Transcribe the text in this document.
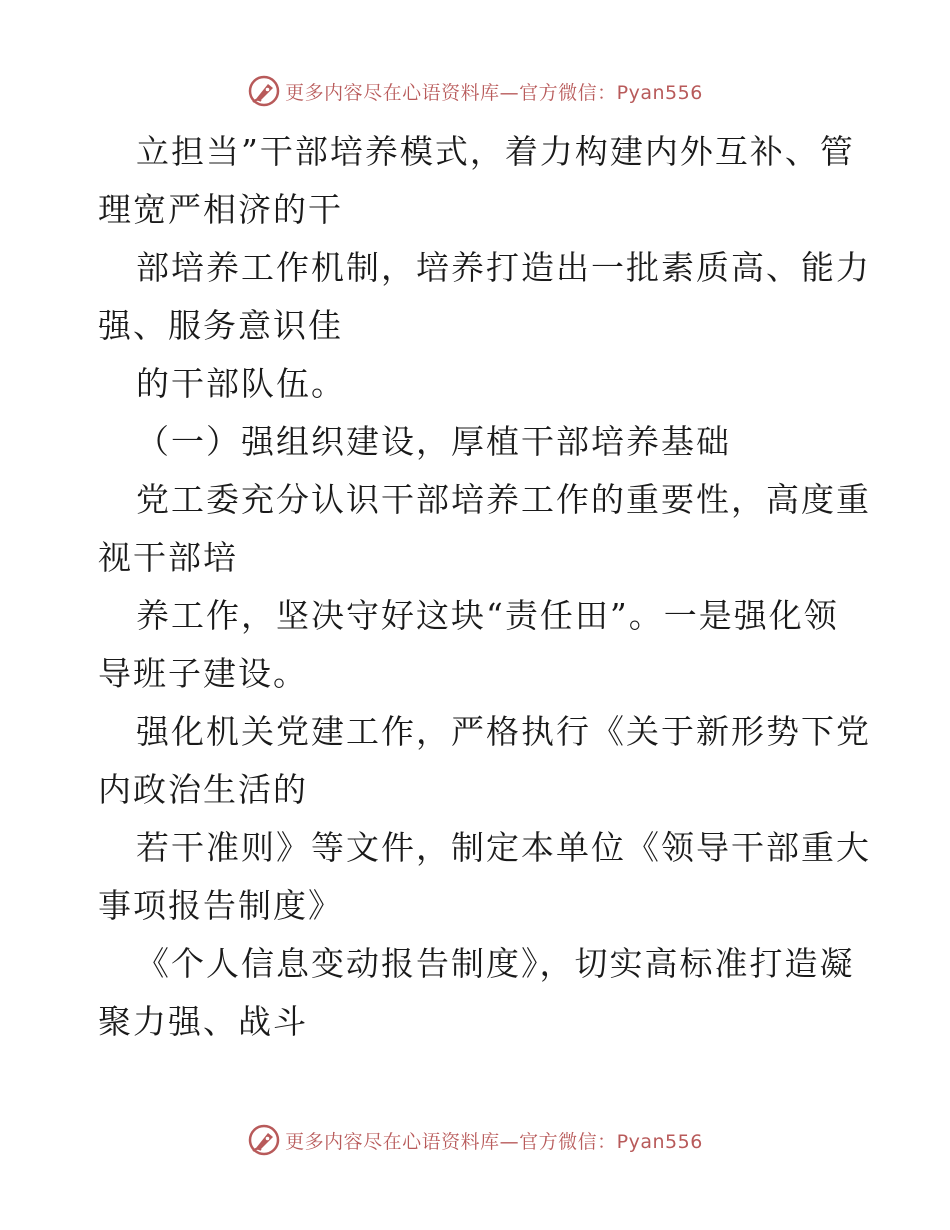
更多内容尽在心语资料库—官方微信：Pyan556
立担当”干部培养模式，着力构建内外互补、管
理宽严相济的干
部培养工作机制，培养打造出一批素质高、能力
强、服务意识佳
的干部队伍。
（一）强组织建设，厚植干部培养基础
党工委充分认识干部培养工作的重要性，高度重
视干部培
养工作，坚决守好这块“责任田”。一是强化领
导班子建设。
强化机关党建工作，严格执行《关于新形势下党
内政治生活的
若干准则》等文件，制定本单位《领导干部重大
事项报告制度》
《个人信息变动报告制度》，切实高标准打造凝
聚力强、战斗
更多内容尽在心语资料库—官方微信：Pyan556
